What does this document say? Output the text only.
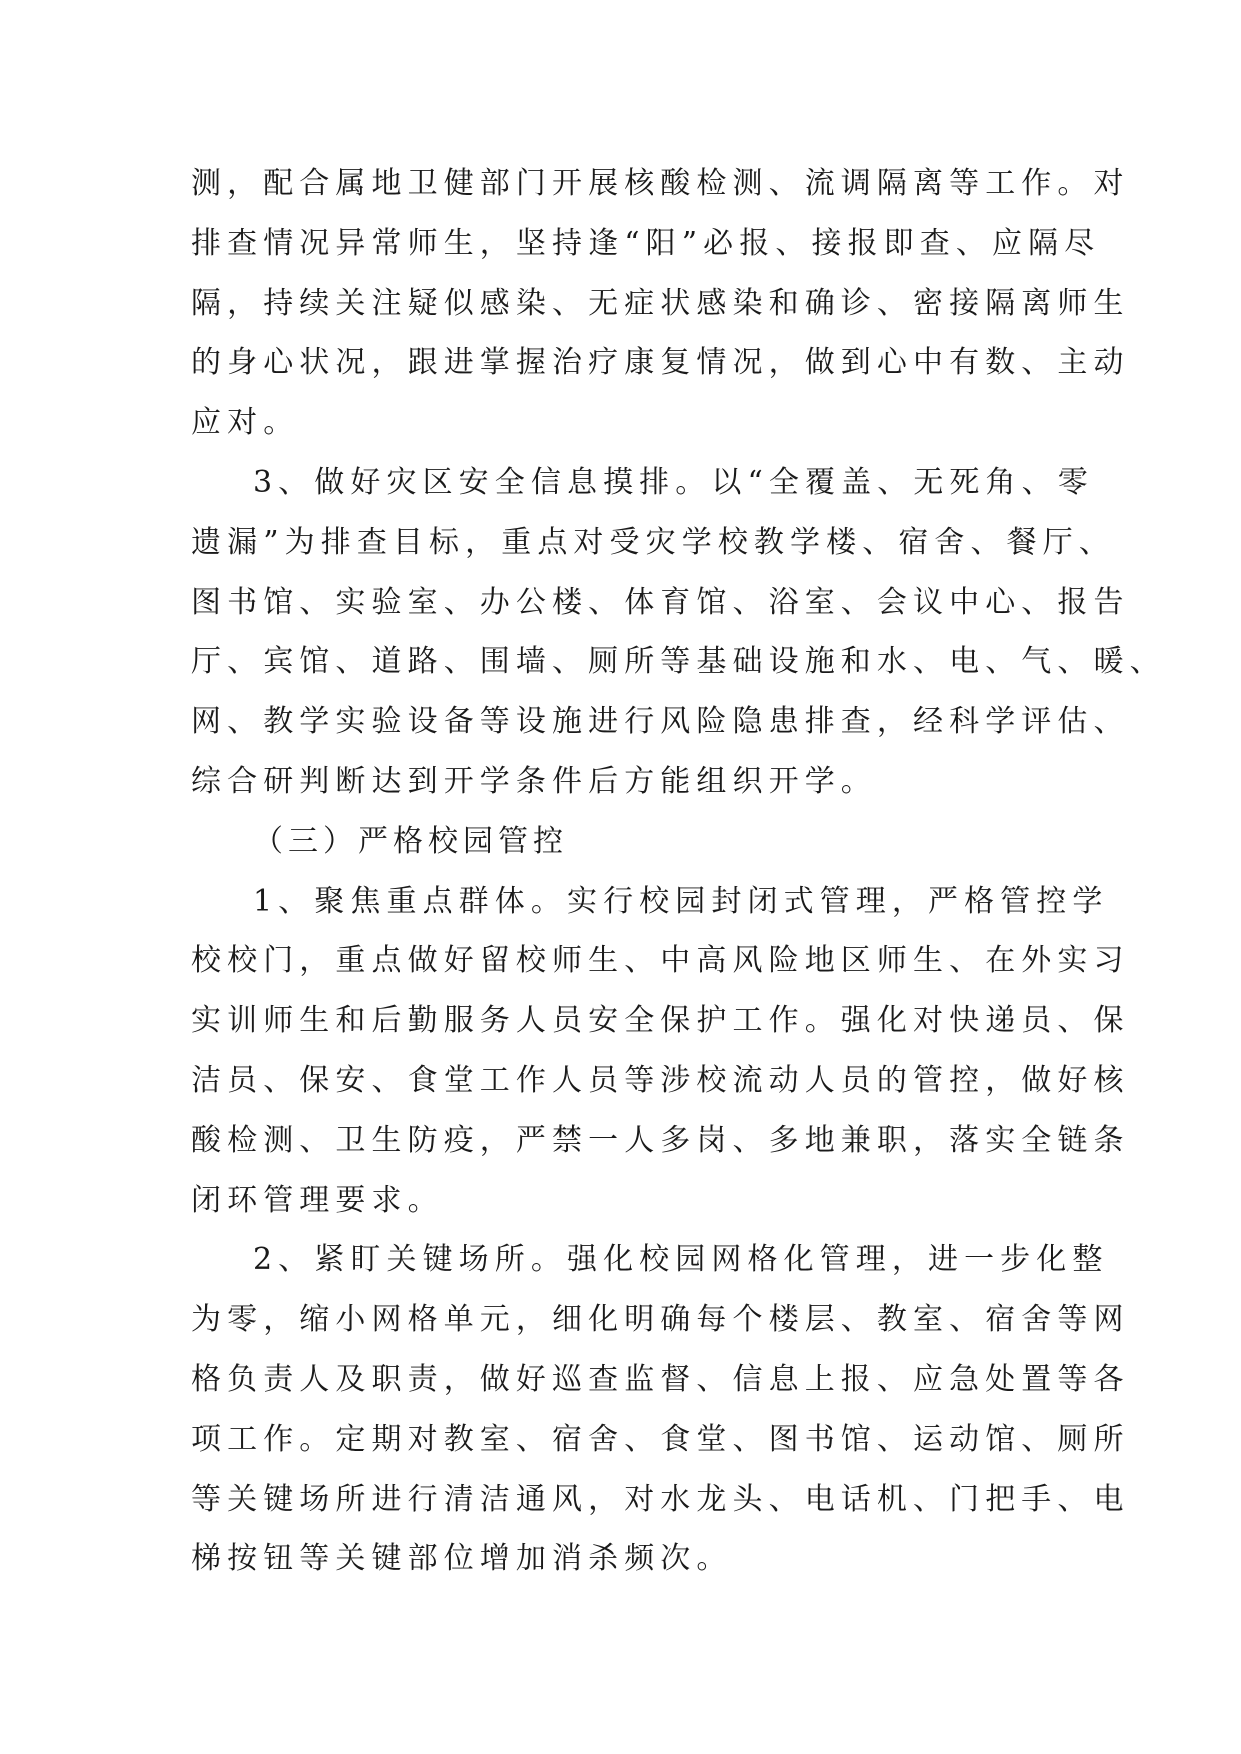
测，配合属地卫健部门开展核酸检测、流调隔离等工作。对
排查情况异常师生，坚持逢“阳”必报、接报即查、应隔尽
隔，持续关注疑似感染、无症状感染和确诊、密接隔离师生
的身心状况，跟进掌握治疗康复情况，做到心中有数、主动
应对。
3、做好灾区安全信息摸排。以“全覆盖、无死角、零
遗漏”为排查目标，重点对受灾学校教学楼、宿舍、餐厅、
图书馆、实验室、办公楼、体育馆、浴室、会议中心、报告
厅、宾馆、道路、围墙、厕所等基础设施和水、电、气、暖、
网、教学实验设备等设施进行风险隐患排查，经科学评估、
综合研判断达到开学条件后方能组织开学。
（三）严格校园管控
1、聚焦重点群体。实行校园封闭式管理，严格管控学
校校门，重点做好留校师生、中高风险地区师生、在外实习
实训师生和后勤服务人员安全保护工作。强化对快递员、保
洁员、保安、食堂工作人员等涉校流动人员的管控，做好核
酸检测、卫生防疫，严禁一人多岗、多地兼职，落实全链条
闭环管理要求。
2、紧盯关键场所。强化校园网格化管理，进一步化整
为零，缩小网格单元，细化明确每个楼层、教室、宿舍等网
格负责人及职责，做好巡查监督、信息上报、应急处置等各
项工作。定期对教室、宿舍、食堂、图书馆、运动馆、厕所
等关键场所进行清洁通风，对水龙头、电话机、门把手、电
梯按钮等关键部位增加消杀频次。
